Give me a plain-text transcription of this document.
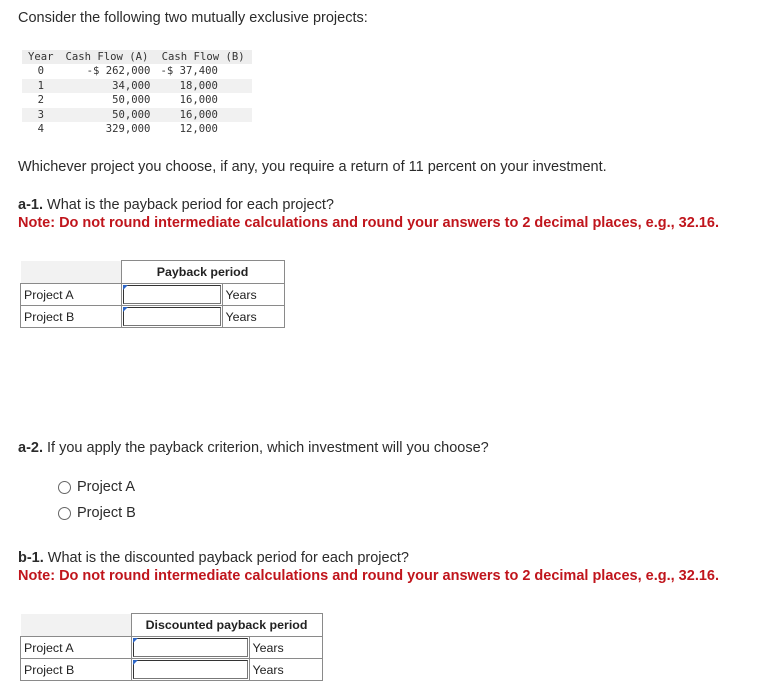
Consider the following two mutually exclusive projects:
Year	Cash Flow (A)	Cash Flow (B)
0	-$ 262,000	-$ 37,400
1	34,000	18,000
2	50,000	16,000
3	50,000	16,000
4	329,000	12,000
Whichever project you choose, if any, you require a return of 11 percent on your investment.
a-1. What is the payback period for each project?
Note: Do not round intermediate calculations and round your answers to 2 decimal places, e.g., 32.16.
	Payback period	
Project A		Years
Project B		Years
a-2. If you apply the payback criterion, which investment will you choose?
Project A
Project B
b-1. What is the discounted payback period for each project?
Note: Do not round intermediate calculations and round your answers to 2 decimal places, e.g., 32.16.
	Discounted payback period	
Project A		Years
Project B		Years
